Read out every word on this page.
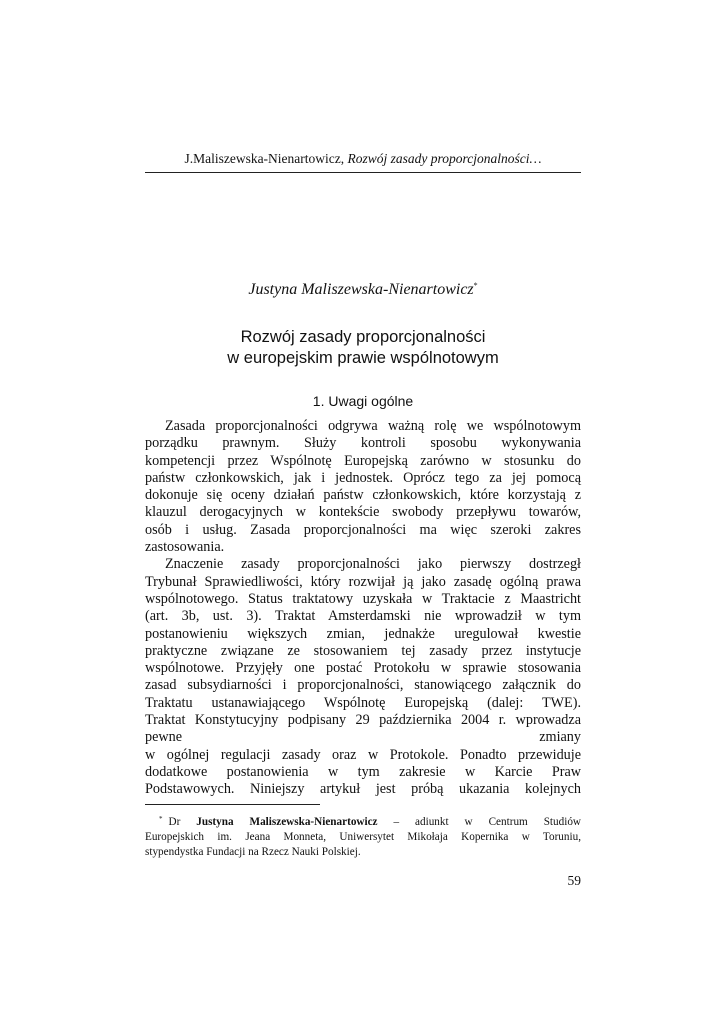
J.Maliszewska-Nienartowicz, Rozwój zasady proporcjonalności…
Justyna Maliszewska-Nienartowicz*
Rozwój zasady proporcjonalności
w europejskim prawie wspólnotowym
1. Uwagi ogólne

Zasada proporcjonalności odgrywa ważną rolę we wspólnotowym

porządku prawnym. Służy kontroli sposobu wykonywania

kompetencji przez Wspólnotę Europejską zarówno w stosunku do

państw członkowskich, jak i jednostek. Oprócz tego za jej pomocą

dokonuje się oceny działań państw członkowskich, które korzystają z

klauzul derogacyjnych w kontekście swobody przepływu towarów,

osób i usług. Zasada proporcjonalności ma więc szeroki zakres

zastosowania.

Znaczenie zasady proporcjonalności jako pierwszy dostrzegł

Trybunał Sprawiedliwości, który rozwijał ją jako zasadę ogólną prawa

wspólnotowego. Status traktatowy uzyskała w Traktacie z Maastricht

(art. 3b, ust. 3). Traktat Amsterdamski nie wprowadził w tym

postanowieniu większych zmian, jednakże uregulował kwestie

praktyczne związane ze stosowaniem tej zasady przez instytucje

wspólnotowe. Przyjęły one postać Protokołu w sprawie stosowania

zasad subsydiarności i proporcjonalności, stanowiącego załącznik do

Traktatu ustanawiającego Wspólnotę Europejską (dalej: TWE).

Traktat Konstytucyjny podpisany 29 października 2004 r. wprowadza

pewne zmiany

w ogólnej regulacji zasady oraz w Protokole. Ponadto przewiduje

dodatkowe postanowienia w tym zakresie w Karcie Praw

Podstawowych. Niniejszy artykuł jest próbą ukazania kolejnych

* Dr Justyna Maliszewska-Nienartowicz – adiunkt w Centrum Studiów

Europejskich im. Jeana Monneta, Uniwersytet Mikołaja Kopernika w Toruniu,

stypendystka Fundacji na Rzecz Nauki Polskiej.

59
